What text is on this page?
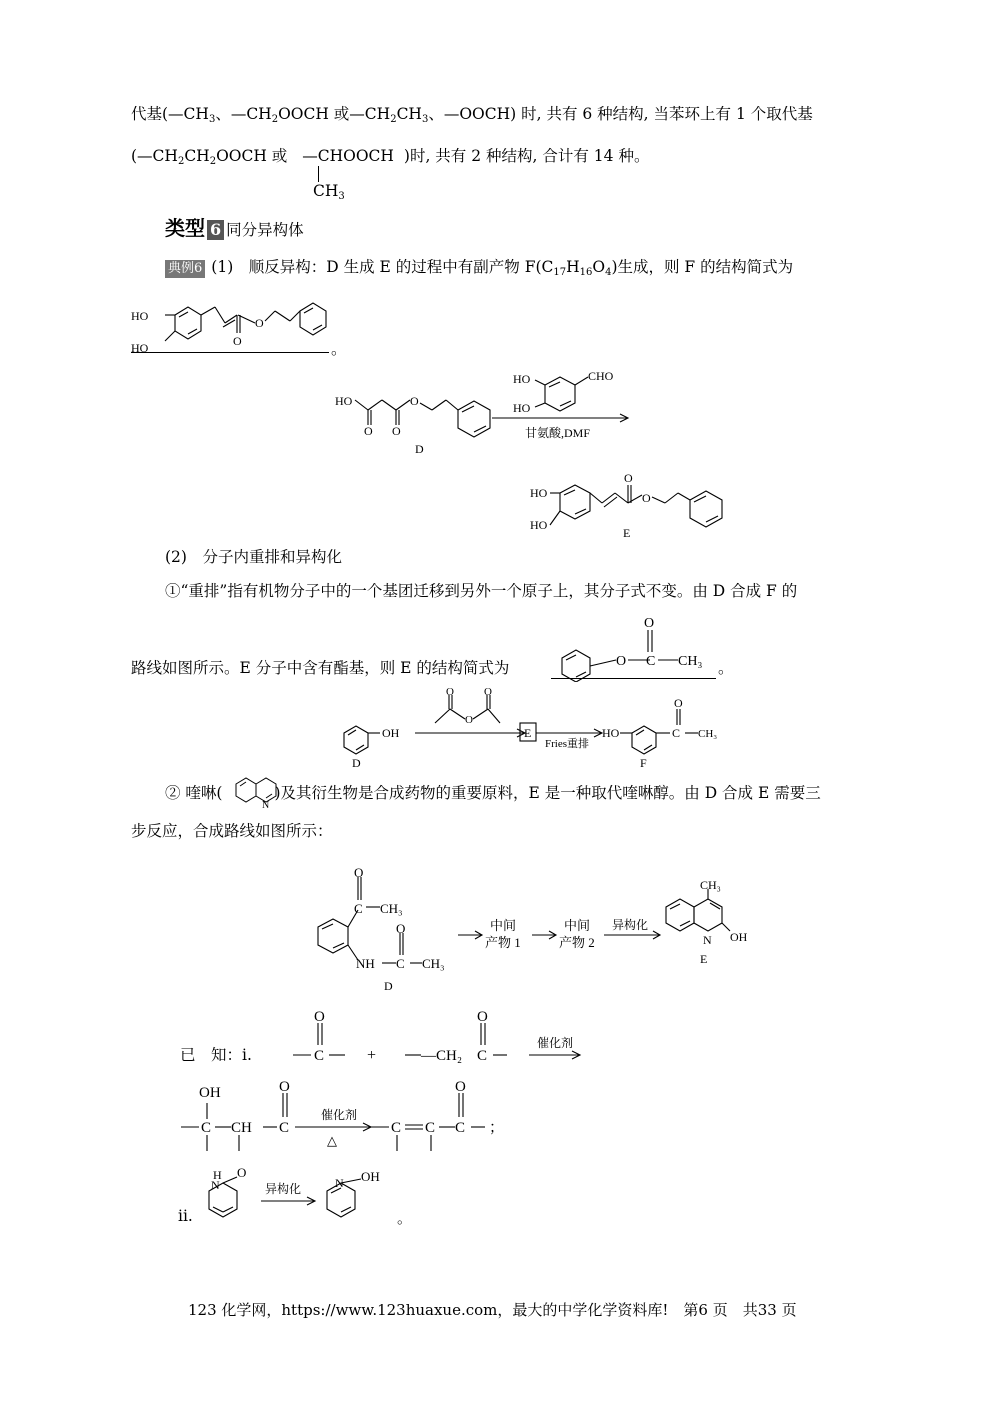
代基($—CH_3$、$—CH_2OOCH$ 或$—CH_2CH_3$、—OOCH) 时, 共有 6 种结构, 当苯环上有 1 个取代基
($—CH_2CH_2OOCH$ 或 —CHOOCH )时, 共有 2 种结构, 合计有 14 种。
$CH_3$
类型 6 同分异构体
典例6 (1)　顺反异构：D 生成 E 的过程中有副产物 $F(C_{17}H_{16}O_4)$生成，则 F 的结构简式为
HO
HO
O
O	。
HO
O O
O
D
HO
HO
CHO
甘氨酸,DMF
HO
HO
O
O
E
(2)　分子内重排和异构化
①“重排”指有机物分子中的一个基团迁移到另外一个原子上，其分子式不变。由 D 合成 F 的
路线如图所示。E 分子中含有酯基，则 E 的结构简式为	O
O
C CH₃ 。
OH
O	O
O
E
Fries重排
HO
O
C CH₃
D	F
② 喹啉(	)及其衍生物是合成药物的重要原料，E 是一种取代喹啉醇。由 D 合成 E 需要三
N
步反应，合成路线如图所示：
O
C CH₃
NH
O
C CH₃
D
中间
产物 1
中间
产物 2
异构化
CH₃
N OH
E
已　知：i.
O
C	+	—CH₂
O
C
催化剂
OH
C CH
O
C
催化剂
△
C C
O
C ；
H
N
O
异构化	N OH
。
ii.
123 化学网，https://www.123huaxue.com，最大的中学化学资料库!　第6 页　共33 页
